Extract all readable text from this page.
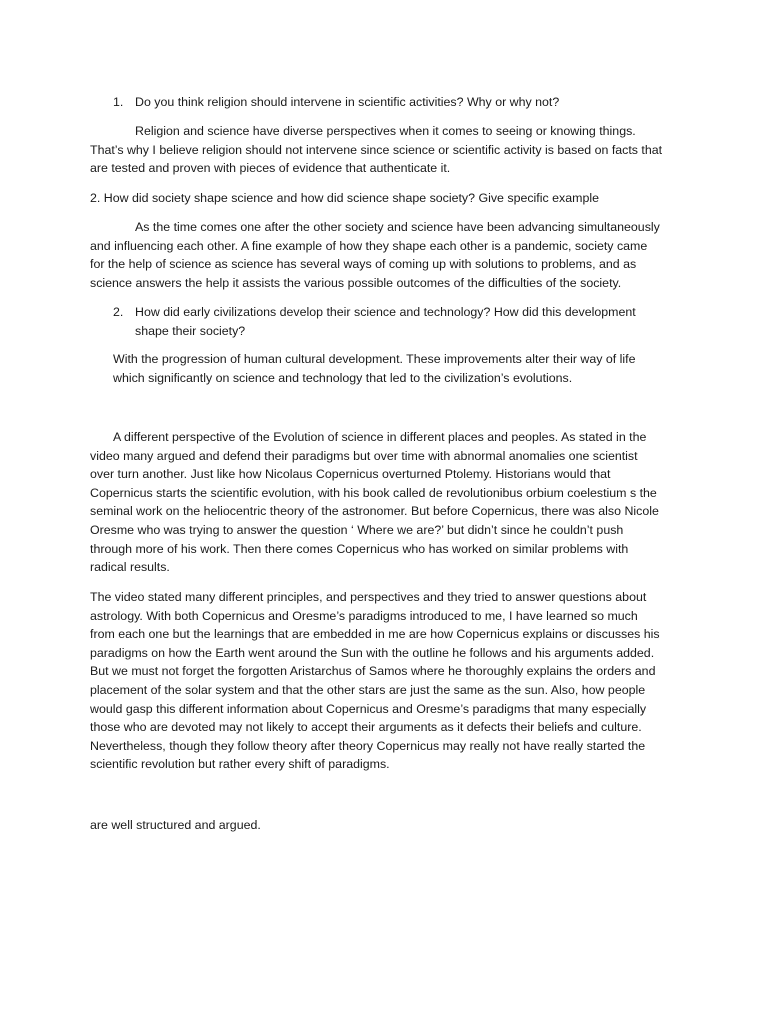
1. Do you think religion should intervene in scientific activities? Why or why not?
Religion and science have diverse perspectives when it comes to seeing or knowing things.
That’s why I believe religion should not intervene since science or scientific activity is based on facts that
are tested and proven with pieces of evidence that authenticate it.
2. How did society shape science and how did science shape society? Give specific example
As the time comes one after the other society and science have been advancing simultaneously
and influencing each other. A fine example of how they shape each other is a pandemic, society came
for the help of science as science has several ways of coming up with solutions to problems, and as
science answers the help it assists the various possible outcomes of the difficulties of the society.
2. How did early civilizations develop their science and technology? How did this development
shape their society?
With the progression of human cultural development. These improvements alter their way of life
which significantly on science and technology that led to the civilization’s evolutions.
A different perspective of the Evolution of science in different places and peoples. As stated in the
video many argued and defend their paradigms but over time with abnormal anomalies one scientist
over turn another. Just like how Nicolaus Copernicus overturned Ptolemy. Historians would that
Copernicus starts the scientific evolution, with his book called de revolutionibus orbium coelestium s the
seminal work on the heliocentric theory of the astronomer. But before Copernicus, there was also Nicole
Oresme who was trying to answer the question ‘ Where we are?’ but didn’t since he couldn’t push
through more of his work. Then there comes Copernicus who has worked on similar problems with
radical results.
The video stated many different principles, and perspectives and they tried to answer questions about
astrology. With both Copernicus and Oresme’s paradigms introduced to me, I have learned so much
from each one but the learnings that are embedded in me are how Copernicus explains or discusses his
paradigms on how the Earth went around the Sun with the outline he follows and his arguments added.
But we must not forget the forgotten Aristarchus of Samos where he thoroughly explains the orders and
placement of the solar system and that the other stars are just the same as the sun. Also, how people
would gasp this different information about Copernicus and Oresme’s paradigms that many especially
those who are devoted may not likely to accept their arguments as it defects their beliefs and culture.
Nevertheless, though they follow theory after theory Copernicus may really not have really started the
scientific revolution but rather every shift of paradigms.
are well structured and argued.
